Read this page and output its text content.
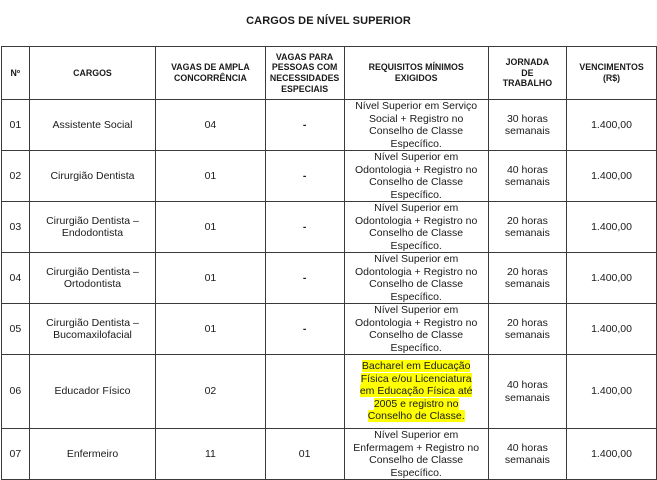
CARGOS DE NÍVEL SUPERIOR
Nº	CARGOS	VAGAS DE AMPLA CONCORRÊNCIA	VAGAS PARA PESSOAS COM NECESSIDADES ESPECIAIS	REQUISITOS MÍNIMOS EXIGIDOS	JORNADA DE TRABALHO	VENCIMENTOS (R$)
01	Assistente Social	04	-	Nível Superior em Serviço Social + Registro no Conselho de Classe Específico.	30 horas semanais	1.400,00
02	Cirurgião Dentista	01	-	Nível Superior em Odontologia + Registro no Conselho de Classe Específico.	40 horas semanais	1.400,00
03	Cirurgião Dentista – Endodontista	01	-	Nível Superior em Odontologia + Registro no Conselho de Classe Específico.	20 horas semanais	1.400,00
04	Cirurgião Dentista – Ortodontista	01	-	Nível Superior em Odontologia + Registro no Conselho de Classe Específico.	20 horas semanais	1.400,00
05	Cirurgião Dentista – Bucomaxilofacial	01	-	Nível Superior em Odontologia + Registro no Conselho de Classe Específico.	20 horas semanais	1.400,00
06	Educador Físico	02		Bacharel em Educação Física e/ou Licenciatura em Educação Física até 2005 e registro no Conselho de Classe.	40 horas semanais	1.400,00
07	Enfermeiro	11	01	Nível Superior em Enfermagem + Registro no Conselho de Classe Específico.	40 horas semanais	1.400,00
